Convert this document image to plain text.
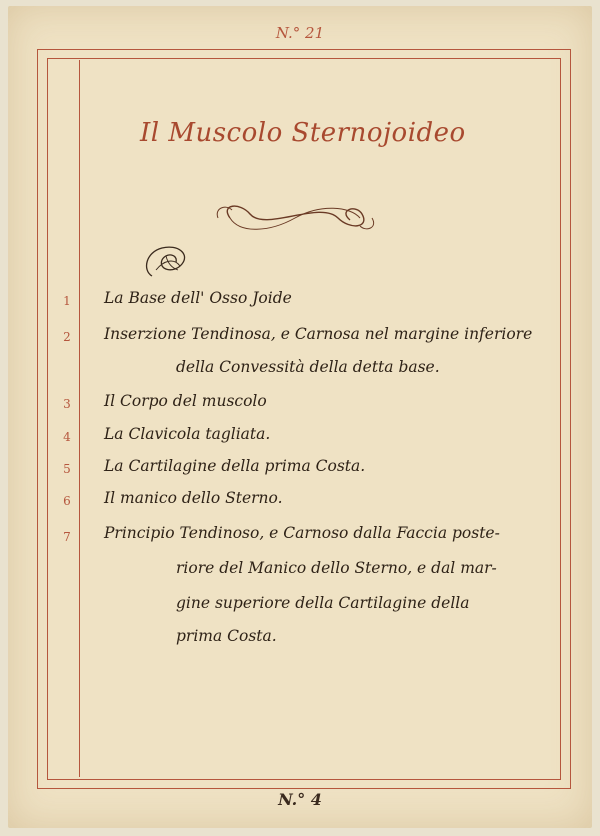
N.° 21
Il Muscolo Sternojoideo
1 La Base dell' Osso Joide
2 Inserzione Tendinosa, e Carnosa nel margine inferiore
della Convessità della detta base.
3 Il Corpo del muscolo
4 La Clavicola tagliata.
5 La Cartilagine della prima Costa.
6 Il manico dello Sterno.
7 Principio Tendinoso, e Carnoso dalla Faccia poste-
riore del Manico dello Sterno, e dal mar-
gine superiore della Cartilagine della
prima Costa.
N.° 4
